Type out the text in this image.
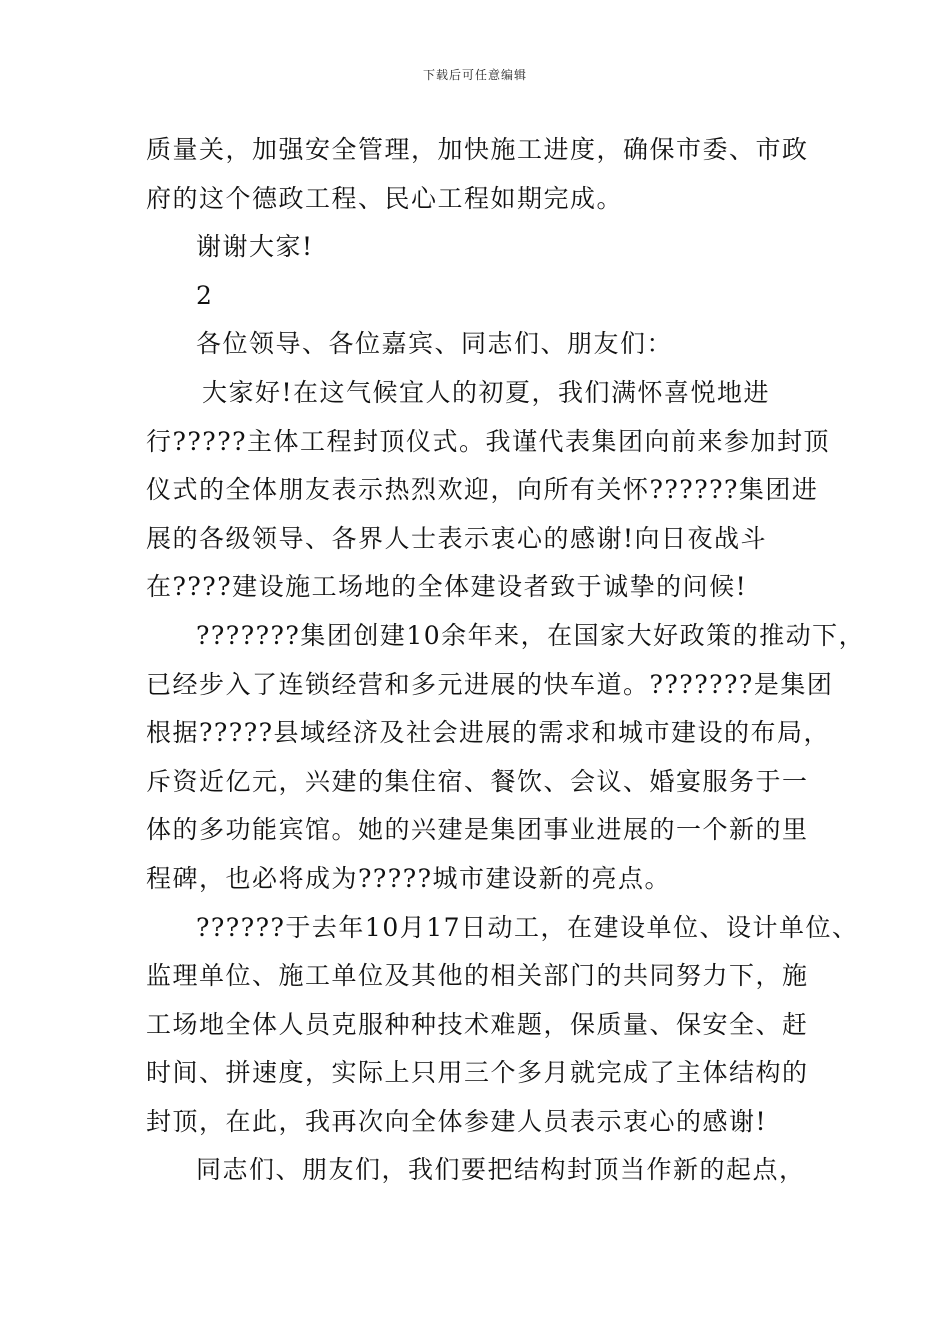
下载后可任意编辑
质量关，加强安全管理，加快施工进度，确保市委、市政
府的这个德政工程、民心工程如期完成。
谢谢大家!
2
各位领导、各位嘉宾、同志们、朋友们：
大家好!在这气候宜人的初夏，我们满怀喜悦地进
行?????主体工程封顶仪式。我谨代表集团向前来参加封顶
仪式的全体朋友表示热烈欢迎，向所有关怀??????集团进
展的各级领导、各界人士表示衷心的感谢!向日夜战斗
在????建设施工场地的全体建设者致于诚挚的问候!
???????集团创建10余年来，在国家大好政策的推动下，
已经步入了连锁经营和多元进展的快车道。???????是集团
根据?????县域经济及社会进展的需求和城市建设的布局，
斥资近亿元，兴建的集住宿、餐饮、会议、婚宴服务于一
体的多功能宾馆。她的兴建是集团事业进展的一个新的里
程碑，也必将成为?????城市建设新的亮点。
??????于去年10月17日动工，在建设单位、设计单位、
监理单位、施工单位及其他的相关部门的共同努力下，施
工场地全体人员克服种种技术难题，保质量、保安全、赶
时间、拼速度，实际上只用三个多月就完成了主体结构的
封顶，在此，我再次向全体参建人员表示衷心的感谢!
同志们、朋友们，我们要把结构封顶当作新的起点，
